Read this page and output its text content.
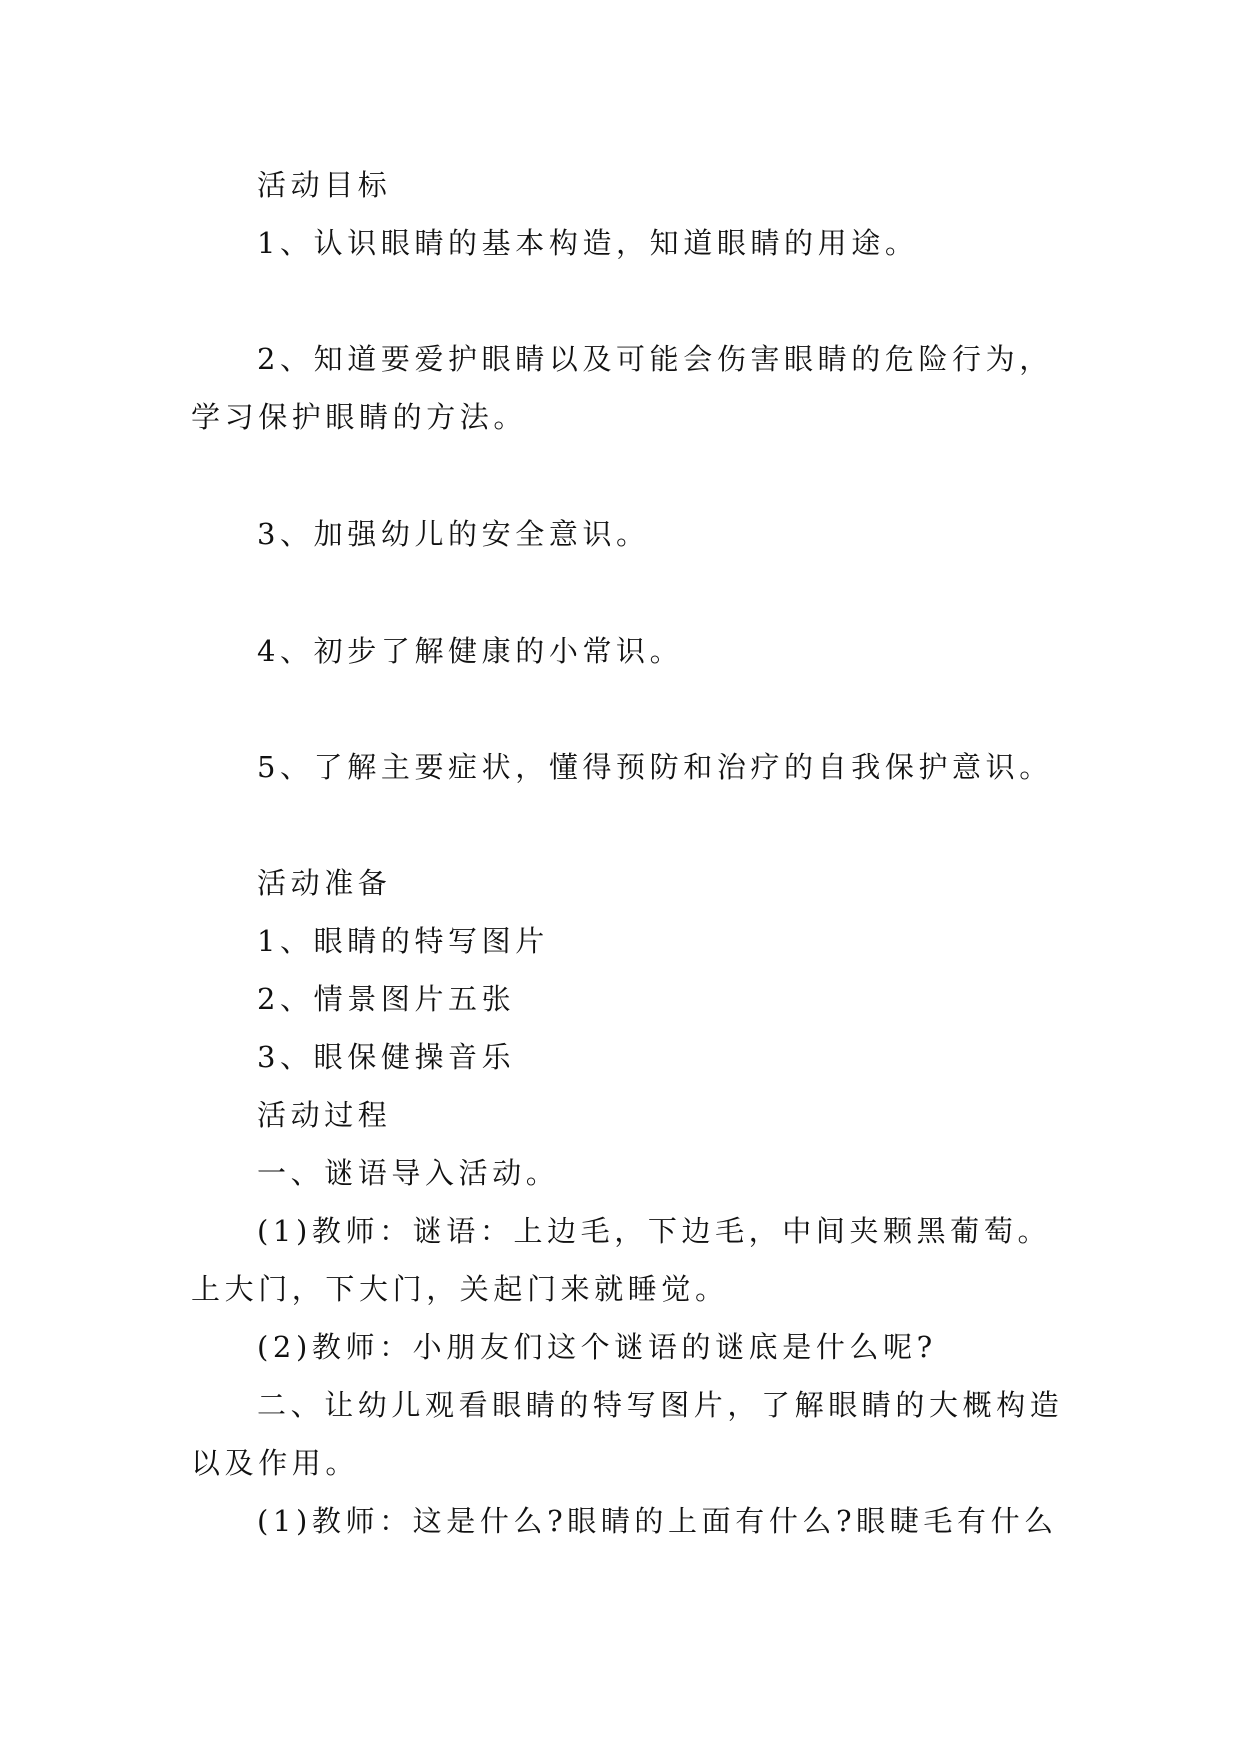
活动目标
1、认识眼睛的基本构造，知道眼睛的用途。
2、知道要爱护眼睛以及可能会伤害眼睛的危险行为，
学习保护眼睛的方法。
3、加强幼儿的安全意识。
4、初步了解健康的小常识。
5、了解主要症状，懂得预防和治疗的自我保护意识。
活动准备
1、眼睛的特写图片
2、情景图片五张
3、眼保健操音乐
活动过程
一、谜语导入活动。
(1)教师：谜语：上边毛，下边毛，中间夹颗黑葡萄。
上大门，下大门，关起门来就睡觉。
(2)教师：小朋友们这个谜语的谜底是什么呢?
二、让幼儿观看眼睛的特写图片，了解眼睛的大概构造
以及作用。
(1)教师：这是什么?眼睛的上面有什么?眼睫毛有什么
